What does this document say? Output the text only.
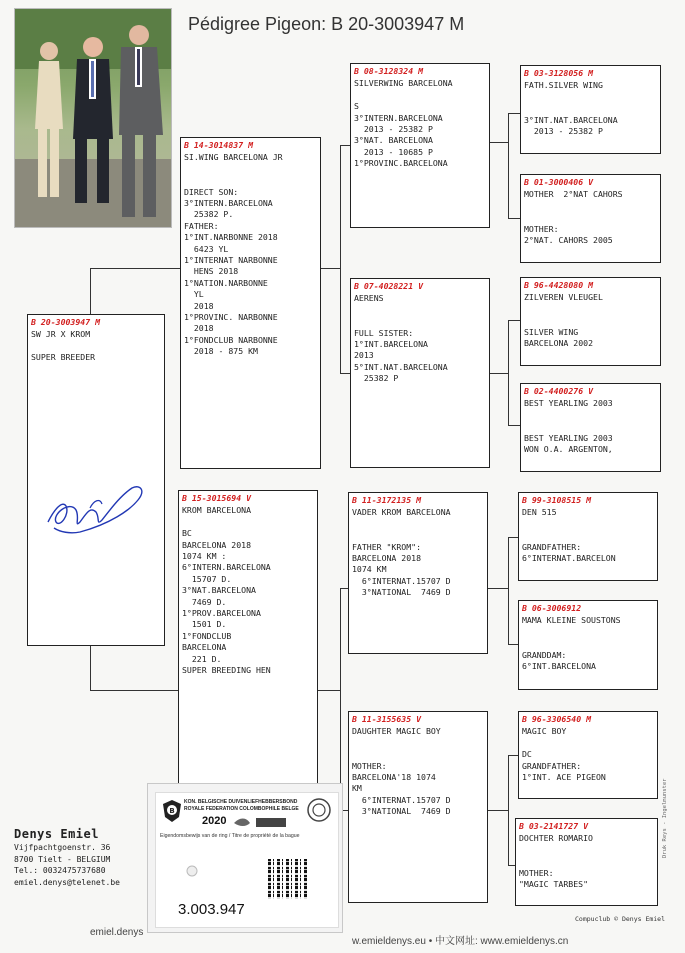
Pédigree Pigeon: B 20-3003947 M
B 20-3003947 M
SW JR X KROM
SUPER BREEDER
B 14-3014837 M
SI.WING BARCELONA JR
DIRECT SON:
3°INTERN.BARCELONA
25382 P.
FATHER:
1°INT.NARBONNE 2018
6423 YL
1°INTERNAT NARBONNE
HENS 2018
1°NATION.NARBONNE
YL
2018
1°PROVINC. NARBONNE
2018
1°FONDCLUB NARBONNE
2018 - 875 KM
B 15-3015694 V
KROM BARCELONA
BC
BARCELONA 2018
1074 KM :
6°INTERN.BARCELONA
15707 D.
3°NAT.BARCELONA
7469 D.
1°PROV.BARCELONA
1501 D.
1°FONDCLUB
BARCELONA
221 D.
SUPER BREEDING HEN
B 08-3128324 M
SILVERWING BARCELONA
S
3°INTERN.BARCELONA
2013 - 25382 P
3°NAT. BARCELONA
2013 - 10685 P
1°PROVINC.BARCELONA
B 07-4028221 V
AERENS
FULL SISTER:
1°INT.BARCELONA
2013
5°INT.NAT.BARCELONA
25382 P
B 11-3172135 M
VADER KROM BARCELONA
FATHER "KROM":
BARCELONA 2018
1074 KM
6°INTERNAT.15707 D
3°NATIONAL  7469 D
B 11-3155635 V
DAUGHTER MAGIC BOY
MOTHER:
BARCELONA'18 1074
KM
6°INTERNAT.15707 D
3°NATIONAL  7469 D
B 03-3128056 M
FATH.SILVER WING
3°INT.NAT.BARCELONA
2013 - 25382 P
B 01-3000406 V
MOTHER  2°NAT CAHORS
MOTHER:
2°NAT. CAHORS 2005
B 96-4428080 M
ZILVEREN VLEUGEL
SILVER WING
BARCELONA 2002
B 02-4400276 V
BEST YEARLING 2003
BEST YEARLING 2003
WON O.A. ARGENTON,
B 99-3108515 M
DEN 515
GRANDFATHER:
6°INTERNAT.BARCELON
B 06-3006912
MAMA KLEINE SOUSTONS
GRANDDAM:
6°INT.BARCELONA
B 96-3306540 M
MAGIC BOY
DC
GRANDFATHER:
1°INT. ACE PIGEON
B 03-2141727 V
DOCHTER ROMARIO
MOTHER:
"MAGIC TARBES"
Denys Emiel
Vijfpachtgoenstr. 36
8700 Tielt - BELGIUM
Tel.: 0032475737680
emiel.denys@telenet.be
B
KON. BELGISCHE DUIVENLIEFHEBBERSBOND ROYALE FEDERATION COLOMBOPHILE BELGE
2020
Eigendomsbewijs van de ring / Titre de propriété de la bague
3.003.947
emiel.denys
w.emieldenys.eu • 中文网址: www.emieldenys.cn
Compuclub © Denys Emiel
Druk Reys - Ingelmunster
